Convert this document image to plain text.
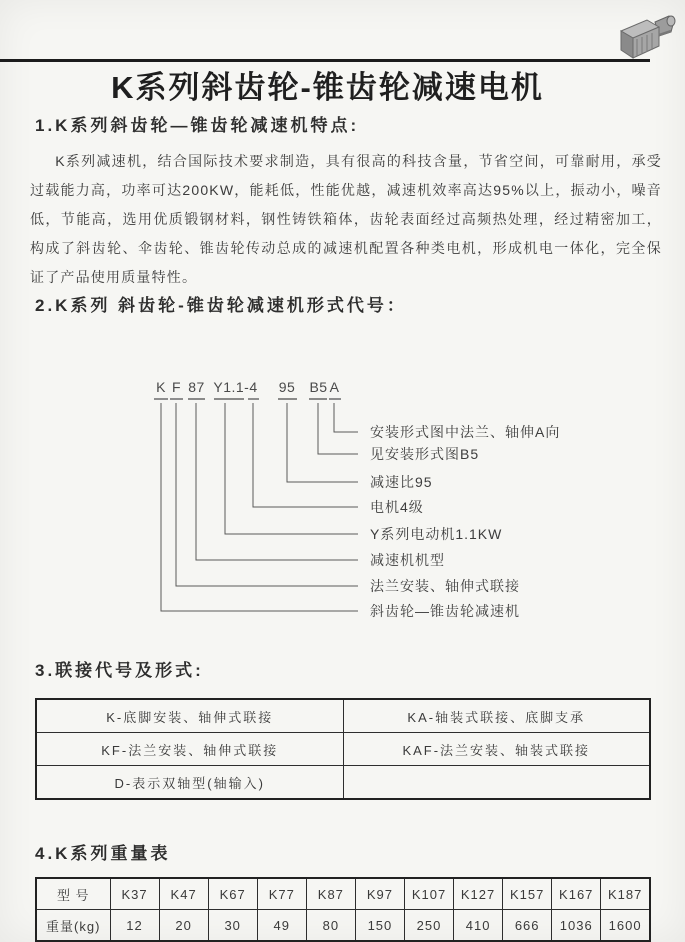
K系列斜齿轮-锥齿轮减速电机
1.K系列斜齿轮—锥齿轮减速机特点:

K系列减速机，结合国际技术要求制造，具有很高的科技含量，节省空间，可靠耐用，承受过载能力高，功率可达200KW，能耗低，性能优越，减速机效率高达95%以上，振动小，噪音低，节能高，选用优质锻钢材料，钢性铸铁箱体，齿轮表面经过高频热处理，经过精密加工，构成了斜齿轮、伞齿轮、锥齿轮传动总成的减速机配置各种类电机，形成机电一体化，完全保证了产品使用质量特性。

2.K系列 斜齿轮-锥齿轮减速机形式代号：
K F 87 Y1.1-4 95 B5 A
安装形式图中法兰、轴伸A向
见安装形式图B5
减速比95
电机4级
Y系列电动机1.1KW
减速机机型
法兰安装、轴伸式联接
斜齿轮—锥齿轮减速机
3.联接代号及形式:
K-底脚安装、轴伸式联接	KA-轴装式联接、底脚支承
KF-法兰安装、轴伸式联接	KAF-法兰安装、轴装式联接
D-表示双轴型(轴输入)	
4.K系列重量表
型 号	K37	K47	K67	K77	K87	K97	K107	K127	K157	K167	K187
重量(kg)	12	20	30	49	80	150	250	410	666	1036	1600
